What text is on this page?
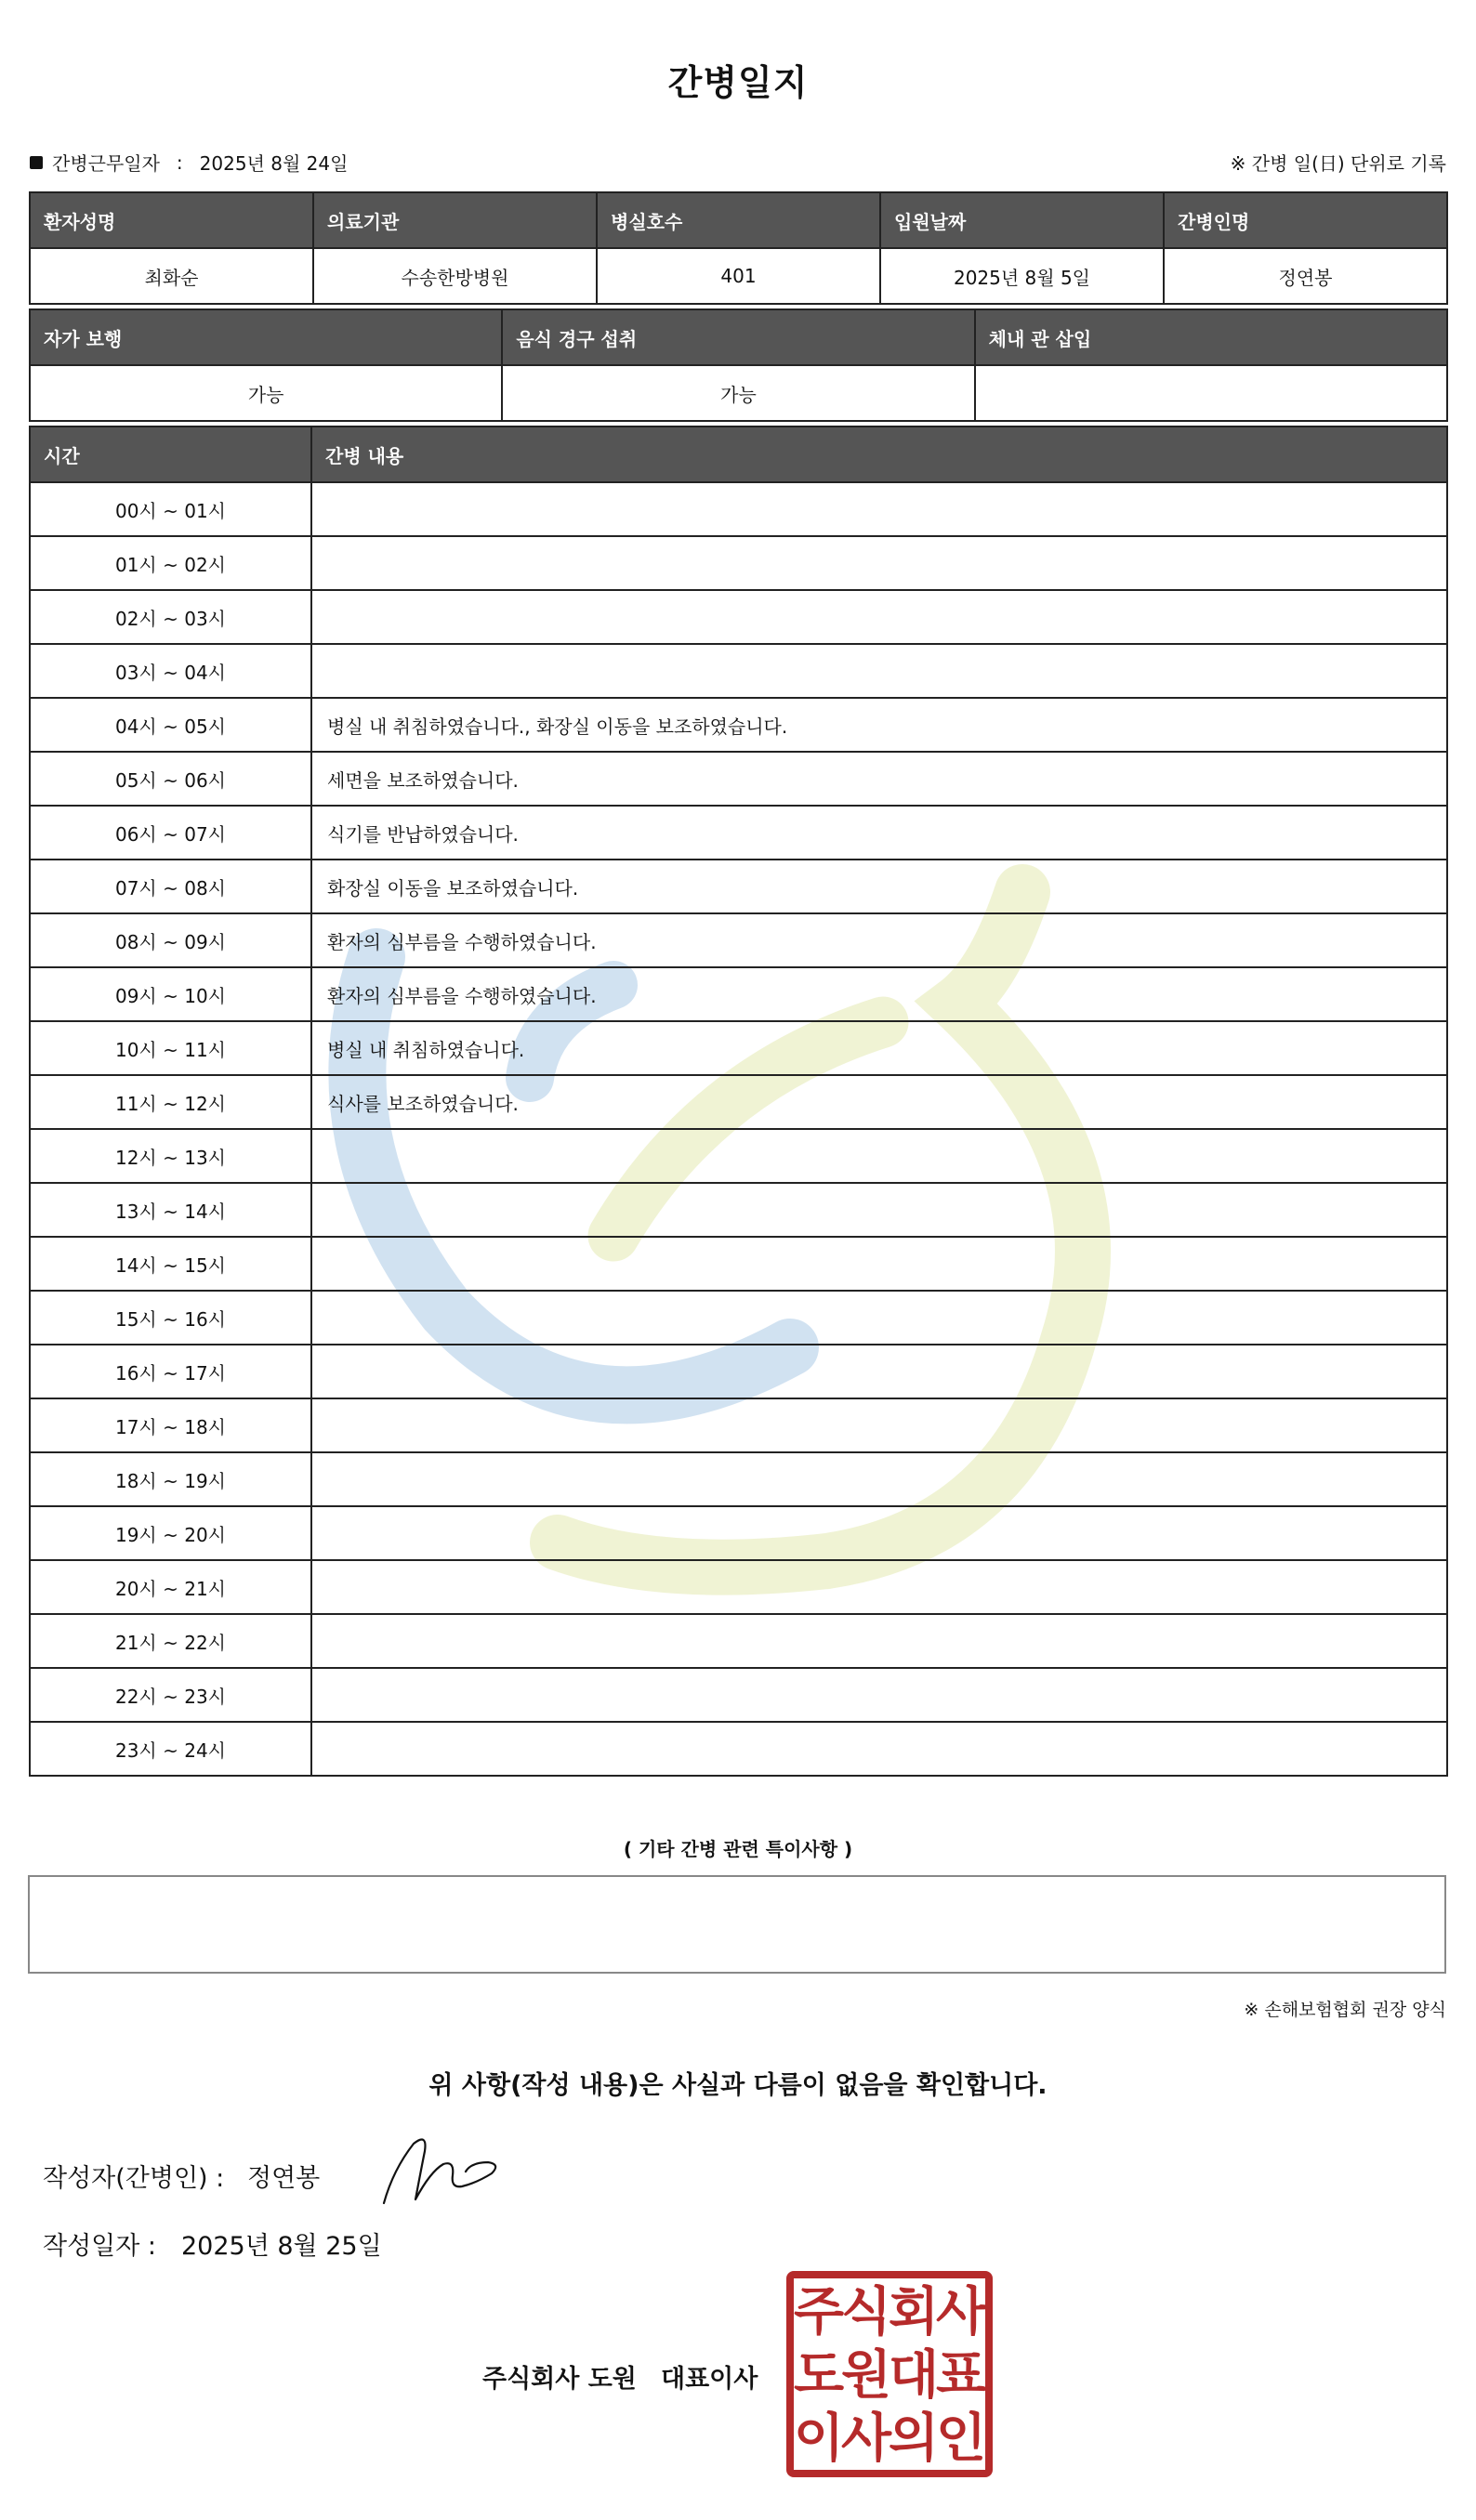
간병일지
간병근무일자 : 2025년 8월 24일	※ 간병 일(日) 단위로 기록
환자성명	의료기관	병실호수	입원날짜	간병인명
최화순	수송한방병원	401	2025년 8월 5일	정연봉
자가 보행	음식 경구 섭취	체내 관 삽입
가능	가능	
시간	간병 내용
00시 ~ 01시	
01시 ~ 02시	
02시 ~ 03시	
03시 ~ 04시	
04시 ~ 05시	병실 내 취침하였습니다., 화장실 이동을 보조하였습니다.
05시 ~ 06시	세면을 보조하였습니다.
06시 ~ 07시	식기를 반납하였습니다.
07시 ~ 08시	화장실 이동을 보조하였습니다.
08시 ~ 09시	환자의 심부름을 수행하였습니다.
09시 ~ 10시	환자의 심부름을 수행하였습니다.
10시 ~ 11시	병실 내 취침하였습니다.
11시 ~ 12시	식사를 보조하였습니다.
12시 ~ 13시	
13시 ~ 14시	
14시 ~ 15시	
15시 ~ 16시	
16시 ~ 17시	
17시 ~ 18시	
18시 ~ 19시	
19시 ~ 20시	
20시 ~ 21시	
21시 ~ 22시	
22시 ~ 23시	
23시 ~ 24시	
( 기타 간병 관련 특이사항 )
※ 손해보험협회 권장 양식
위 사항(작성 내용)은 사실과 다름이 없음을 확인합니다.
작성자(간병인) : 정연봉
작성일자 : 2025년 8월 25일
주식회사 도원 대표이사
주
식
회
사
도
원
대
표
이
사
의
인
